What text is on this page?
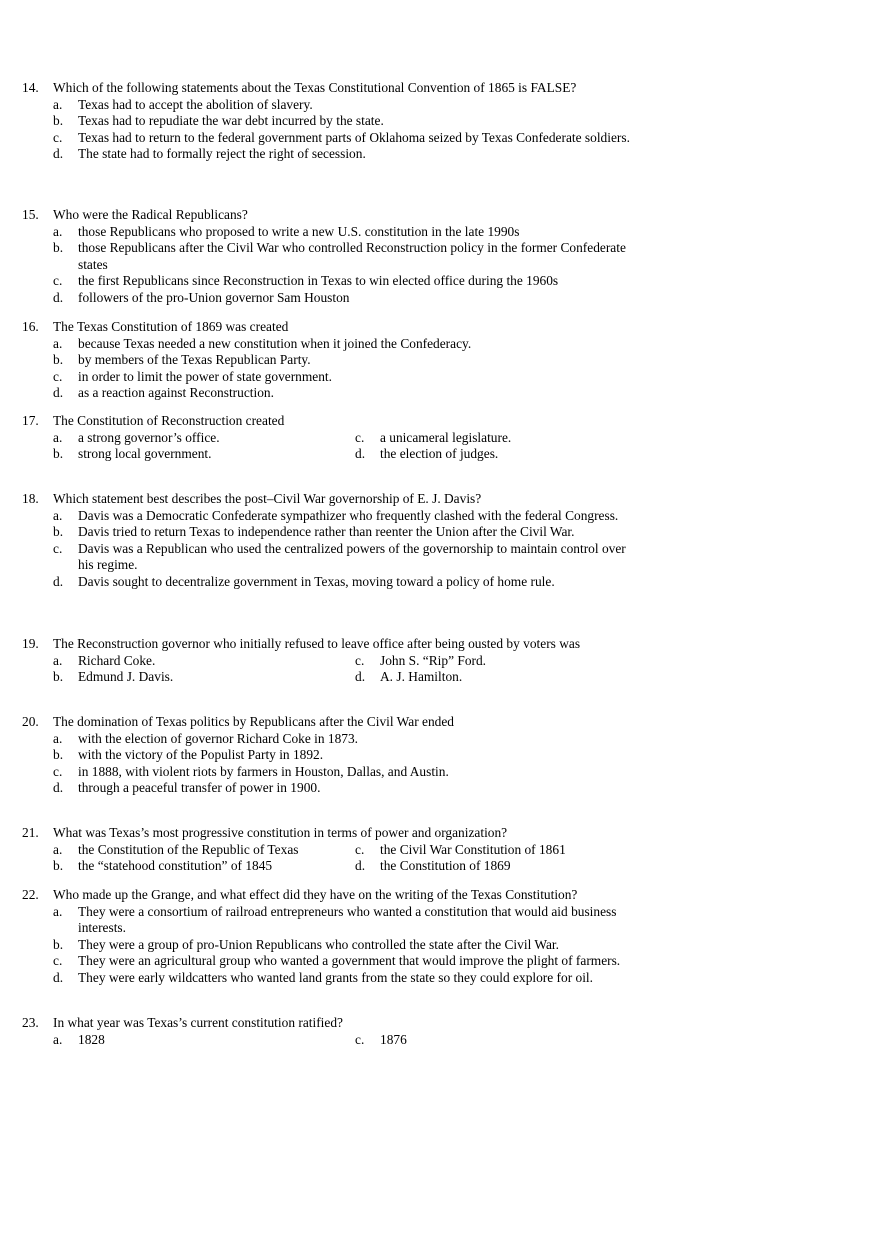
14.	Which of the following statements about the Texas Constitutional Convention of 1865 is FALSE?
a.	Texas had to accept the abolition of slavery.
b.	Texas had to repudiate the war debt incurred by the state.
c.	Texas had to return to the federal government parts of Oklahoma seized by Texas Confederate soldiers.
d.	The state had to formally reject the right of secession.
15.	Who were the Radical Republicans?
a.	those Republicans who proposed to write a new U.S. constitution in the late 1990s
b.	those Republicans after the Civil War who controlled Reconstruction policy in the former Confederate states
c.	the first Republicans since Reconstruction in Texas to win elected office during the 1960s
d.	followers of the pro-Union governor Sam Houston
16.	The Texas Constitution of 1869 was created
a.	because Texas needed a new constitution when it joined the Confederacy.
b.	by members of the Texas Republican Party.
c.	in order to limit the power of state government.
d.	as a reaction against Reconstruction.
17.	The Constitution of Reconstruction created
a.	a strong governor’s office.	c.	a unicameral legislature.
b.	strong local government.	d.	the election of judges.
18.	Which statement best describes the post–Civil War governorship of E. J. Davis?
a.	Davis was a Democratic Confederate sympathizer who frequently clashed with the federal Congress.
b.	Davis tried to return Texas to independence rather than reenter the Union after the Civil War.
c.	Davis was a Republican who used the centralized powers of the governorship to maintain control over his regime.
d.	Davis sought to decentralize government in Texas, moving toward a policy of home rule.
19.	The Reconstruction governor who initially refused to leave office after being ousted by voters was
a.	Richard Coke.	c.	John S. “Rip” Ford.
b.	Edmund J. Davis.	d.	A. J. Hamilton.
20.	The domination of Texas politics by Republicans after the Civil War ended
a.	with the election of governor Richard Coke in 1873.
b.	with the victory of the Populist Party in 1892.
c.	in 1888, with violent riots by farmers in Houston, Dallas, and Austin.
d.	through a peaceful transfer of power in 1900.
21.	What was Texas’s most progressive constitution in terms of power and organization?
a.	the Constitution of the Republic of Texas	c.	the Civil War Constitution of 1861
b.	the “statehood constitution” of 1845	d.	the Constitution of 1869
22.	Who made up the Grange, and what effect did they have on the writing of the Texas Constitution?
a.	They were a consortium of railroad entrepreneurs who wanted a constitution that would aid business interests.
b.	They were a group of pro-Union Republicans who controlled the state after the Civil War.
c.	They were an agricultural group who wanted a government that would improve the plight of farmers.
d.	They were early wildcatters who wanted land grants from the state so they could explore for oil.
23.	In what year was Texas’s current constitution ratified?
a.	1828	c.	1876
